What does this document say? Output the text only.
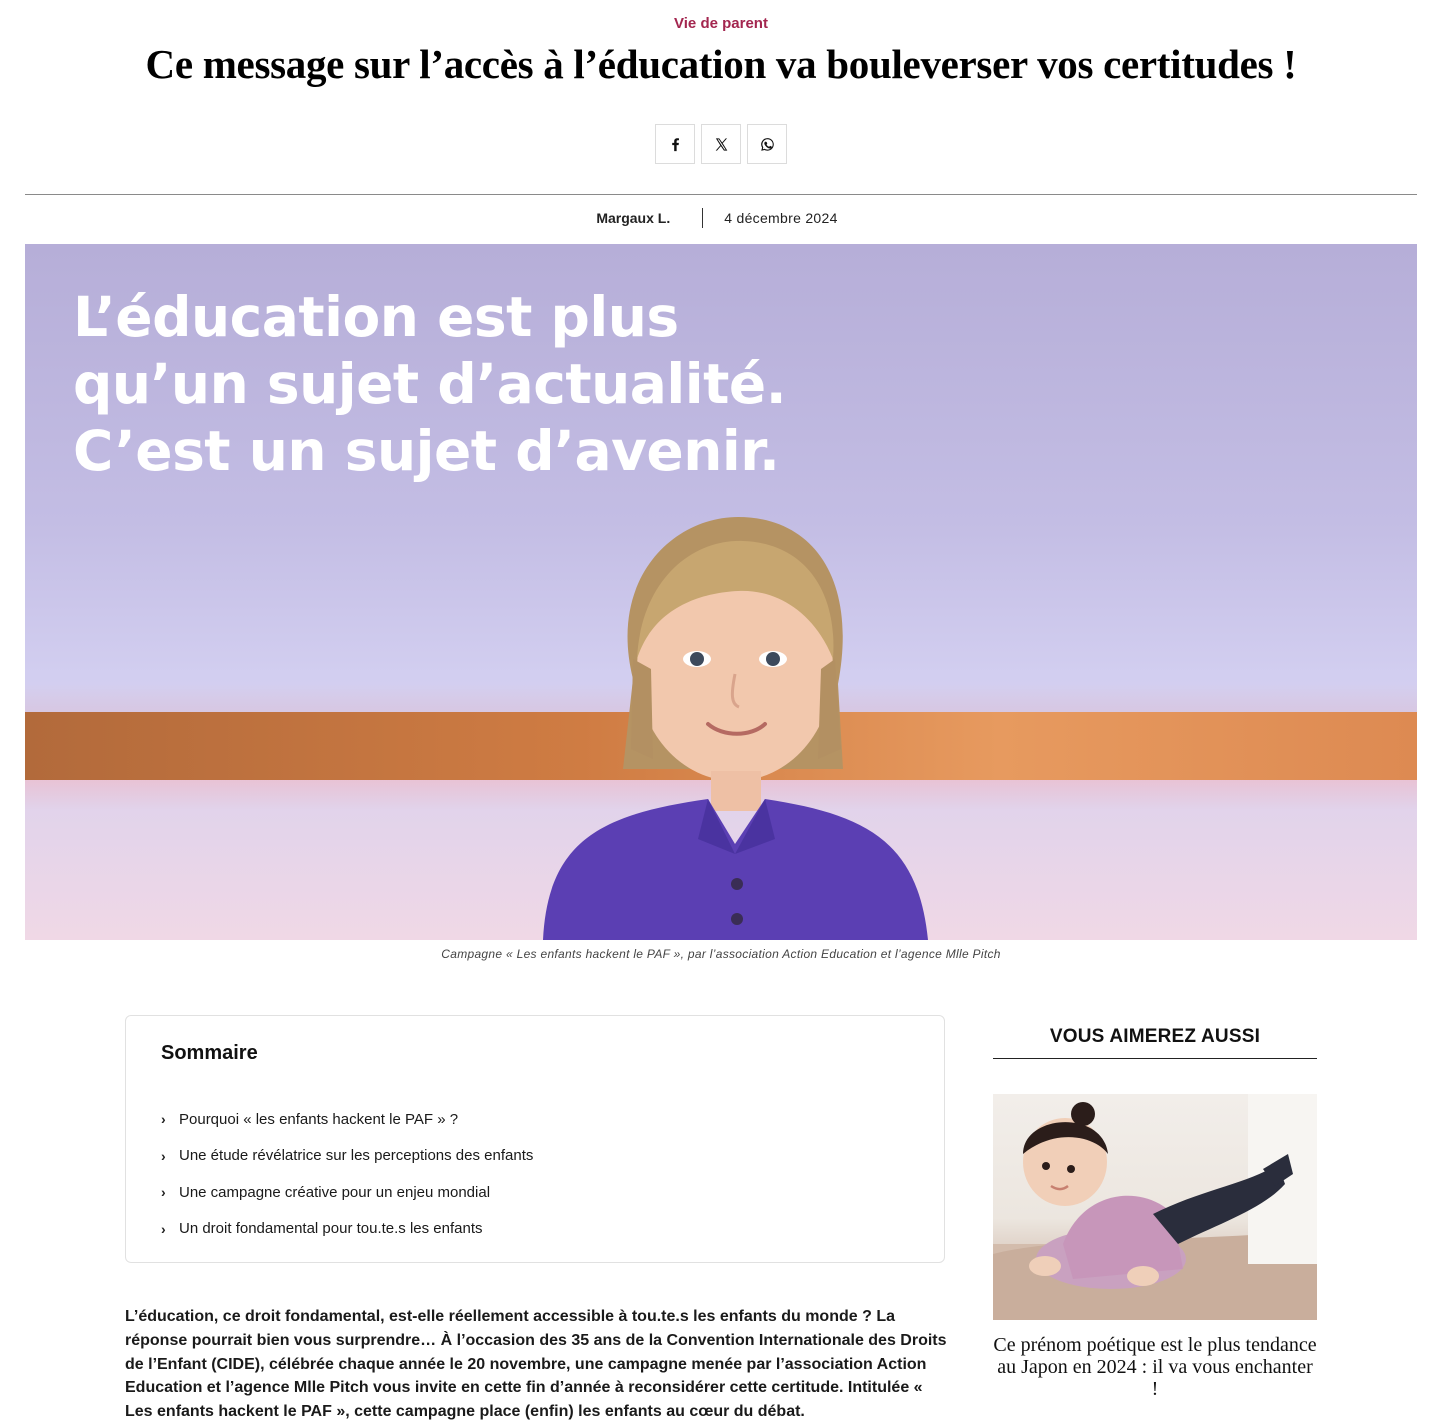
Vie de parent
Ce message sur l’accès à l’éducation va bouleverser vos certitudes !
Margaux L.	4 décembre 2024
L’éducation est plus
qu’un sujet d’actualité.
C’est un sujet d’avenir.
Campagne « Les enfants hackent le PAF », par l’association Action Education et l’agence Mlle Pitch
Sommaire
› Pourquoi « les enfants hackent le PAF » ?
› Une étude révélatrice sur les perceptions des enfants
› Une campagne créative pour un enjeu mondial
› Un droit fondamental pour tou.te.s les enfants

L’éducation, ce droit fondamental, est-elle réellement accessible à tou.te.s les enfants du monde ? La réponse pourrait bien vous surprendre… À l’occasion des 35 ans de la Convention Internationale des Droits de l’Enfant (CIDE), célébrée chaque année le 20 novembre, une campagne menée par l’association Action Education et l’agence Mlle Pitch vous invite en cette fin d’année à reconsidérer cette certitude. Intitulée « Les enfants hackent le PAF », cette campagne place (enfin) les enfants au cœur du débat.

VOUS AIMEREZ AUSSI
Ce prénom poétique est le plus tendance au Japon en 2024 : il va vous enchanter !
